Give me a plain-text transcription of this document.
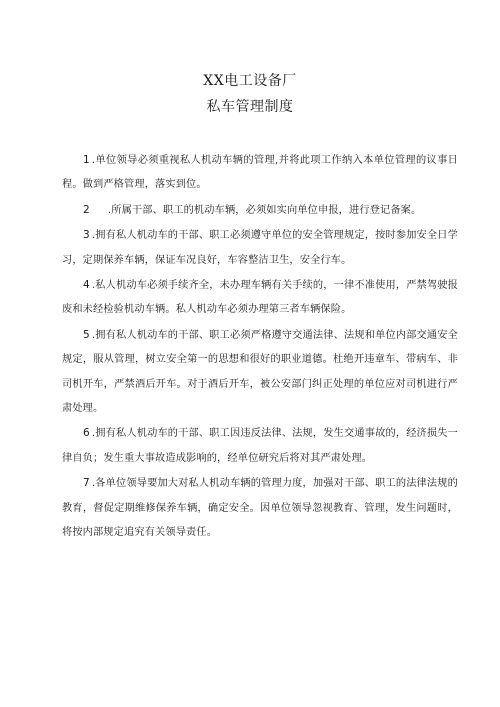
XX电工设备厂
私车管理制度

1 .单位领导必须重视私人机动车辆的管理,并将此项工作纳入本单位管理的议事日程。做到严格管理，落实到位。

2 .所属干部、职工的机动车辆，必须如实向单位申报，进行登记备案。

3 .拥有私人机动车的干部、职工必须遵守单位的安全管理规定，按时参加安全日学习，定期保养车辆，保证车况良好，车容整洁卫生，安全行车。

4 .私人机动车必须手续齐全，未办理车辆有关手续的，一律不准使用，严禁驾驶报废和未经检验机动车辆。私人机动车必须办理第三者车辆保险。

5 .拥有私人机动车的干部、职工必须严格遵守交通法律、法规和单位内部交通安全规定，服从管理，树立安全第一的思想和很好的职业道德。杜绝开违章车、带病车、非司机开车，严禁酒后开车。对于酒后开车，被公安部门纠正处理的单位应对司机进行严肃处理。

6 .拥有私人机动车的干部、职工因违反法律、法规，发生交通事故的，经济损失一律自负；发生重大事故造成影响的，经单位研究后将对其严肃处理。

7 .各单位领导要加大对私人机动车辆的管理力度，加强对干部、职工的法律法规的教育，督促定期维修保养车辆，确定安全。因单位领导忽视教育、管理，发生问题时，将按内部规定追究有关领导责任。
